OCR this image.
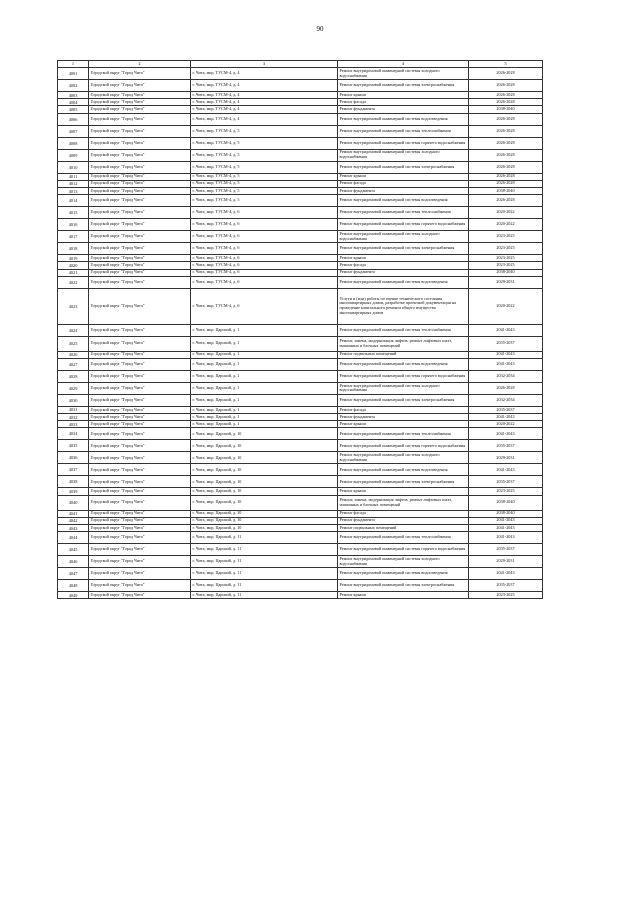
90
1	2	3	4	5
4001	Городской округ "Город Чита"	г. Чита, мкр. ТУСМ-4, д. 4	Ремонт внутридомовой инженерной системы холодного водоснабжения	2026-2028
4002	Городской округ "Город Чита"	г. Чита, мкр. ТУСМ-4, д. 4	Ремонт внутридомовой инженерной системы электроснабжения	2026-2028
4003	Городской округ "Город Чита"	г. Чита, мкр. ТУСМ-4, д. 4	Ремонт крыши	2026-2028
4004	Городской округ "Город Чита"	г. Чита, мкр. ТУСМ-4, д. 4	Ремонт фасада	2026-2028
4005	Городской округ "Город Чита"	г. Чита, мкр. ТУСМ-4, д. 4	Ремонт фундамента	2038-2040
4006	Городской округ "Город Чита"	г. Чита, мкр. ТУСМ-4, д. 4	Ремонт внутридомовой инженерной системы водоотведения	2026-2028
4007	Городской округ "Город Чита"	г. Чита, мкр. ТУСМ-4, д. 5	Ремонт внутридомовой инженерной системы теплоснабжения	2026-2028
4008	Городской округ "Город Чита"	г. Чита, мкр. ТУСМ-4, д. 5	Ремонт внутридомовой инженерной системы горячего водоснабжения	2026-2028
4009	Городской округ "Город Чита"	г. Чита, мкр. ТУСМ-4, д. 5	Ремонт внутридомовой инженерной системы холодного водоснабжения	2026-2028
4010	Городской округ "Город Чита"	г. Чита, мкр. ТУСМ-4, д. 5	Ремонт внутридомовой инженерной системы электроснабжения	2026-2028
4011	Городской округ "Город Чита"	г. Чита, мкр. ТУСМ-4, д. 5	Ремонт крыши	2026-2028
4012	Городской округ "Город Чита"	г. Чита, мкр. ТУСМ-4, д. 5	Ремонт фасада	2026-2028
4013	Городской округ "Город Чита"	г. Чита, мкр. ТУСМ-4, д. 5	Ремонт фундамента	2038-2040
4014	Городской округ "Город Чита"	г. Чита, мкр. ТУСМ-4, д. 5	Ремонт внутридомовой инженерной системы водоотведения	2026-2028
4015	Городской округ "Город Чита"	г. Чита, мкр. ТУСМ-4, д. 6	Ремонт внутридомовой инженерной системы теплоснабжения	2020-2022
4016	Городской округ "Город Чита"	г. Чита, мкр. ТУСМ-4, д. 6	Ремонт внутридомовой инженерной системы горячего водоснабжения	2020-2022
4017	Городской округ "Город Чита"	г. Чита, мкр. ТУСМ-4, д. 6	Ремонт внутридомовой инженерной системы холодного водоснабжения	2023-2025
4018	Городской округ "Город Чита"	г. Чита, мкр. ТУСМ-4, д. 6	Ремонт внутридомовой инженерной системы электроснабжения	2023-2025
4019	Городской округ "Город Чита"	г. Чита, мкр. ТУСМ-4, д. 6	Ремонт крыши	2023-2025
4020	Городской округ "Город Чита"	г. Чита, мкр. ТУСМ-4, д. 6	Ремонт фасада	2023-2025
4021	Городской округ "Город Чита"	г. Чита, мкр. ТУСМ-4, д. 6	Ремонт фундамента	2038-2040
4022	Городской округ "Город Чита"	г. Чита, мкр. ТУСМ-4, д. 6	Ремонт внутридомовой инженерной системы водоотведения	2029-2031
4023	Городской округ "Город Чита"	г. Чита, мкр. ТУСМ-4, д. 6	Услуги и (или) работы по оценке технического состояния многоквартирных домов, разработке проектной документации на проведение капитального ремонта общего имущества многоквартирных домов	2020-2022
4024	Городской округ "Город Чита"	г. Чита, мкр. Царский, д. 1	Ремонт внутридомовой инженерной системы теплоснабжения	2041-2043
4025	Городской округ "Город Чита"	г. Чита, мкр. Царский, д. 1	Ремонт, замена, модернизация лифтов, ремонт лифтовых шахт, машинных и блочных помещений	2035-2037
4026	Городской округ "Город Чита"	г. Чита, мкр. Царский, д. 1	Ремонт подвальных помещений	2041-2043
4027	Городской округ "Город Чита"	г. Чита, мкр. Царский, д. 1	Ремонт внутридомовой инженерной системы водоотведения	2041-2043
4028	Городской округ "Город Чита"	г. Чита, мкр. Царский, д. 1	Ремонт внутридомовой инженерной системы горячего водоснабжения	2032-2034
4029	Городской округ "Город Чита"	г. Чита, мкр. Царский, д. 1	Ремонт внутридомовой инженерной системы холодного водоснабжения	2026-2028
4030	Городской округ "Город Чита"	г. Чита, мкр. Царский, д. 1	Ремонт внутридомовой инженерной системы электроснабжения	2032-2034
4031	Городской округ "Город Чита"	г. Чита, мкр. Царский, д. 1	Ремонт фасада	2035-2037
4032	Городской округ "Город Чита"	г. Чита, мкр. Царский, д. 1	Ремонт фундамента	2041-2043
4033	Городской округ "Город Чита"	г. Чита, мкр. Царский, д. 1	Ремонт крыши	2020-2022
4034	Городской округ "Город Чита"	г. Чита, мкр. Царский, д. 10	Ремонт внутридомовой инженерной системы теплоснабжения	2041-2043
4035	Городской округ "Город Чита"	г. Чита, мкр. Царский, д. 10	Ремонт внутридомовой инженерной системы горячего водоснабжения	2035-2037
4036	Городской округ "Город Чита"	г. Чита, мкр. Царский, д. 10	Ремонт внутридомовой инженерной системы холодного водоснабжения	2029-2031
4037	Городской округ "Город Чита"	г. Чита, мкр. Царский, д. 10	Ремонт внутридомовой инженерной системы водоотведения	2041-2043
4038	Городской округ "Город Чита"	г. Чита, мкр. Царский, д. 10	Ремонт внутридомовой инженерной системы электроснабжения	2035-2037
4039	Городской округ "Город Чита"	г. Чита, мкр. Царский, д. 10	Ремонт крыши	2023-2025
4040	Городской округ "Город Чита"	г. Чита, мкр. Царский, д. 10	Ремонт, замена, модернизация лифтов, ремонт лифтовых шахт, машинных и блочных помещений	2038-2040
4041	Городской округ "Город Чита"	г. Чита, мкр. Царский, д. 10	Ремонт фасада	2038-2040
4042	Городской округ "Город Чита"	г. Чита, мкр. Царский, д. 10	Ремонт фундамента	2041-2043
4043	Городской округ "Город Чита"	г. Чита, мкр. Царский, д. 10	Ремонт подвальных помещений	2041-2043
4044	Городской округ "Город Чита"	г. Чита, мкр. Царский, д. 11	Ремонт внутридомовой инженерной системы теплоснабжения	2041-2043
4045	Городской округ "Город Чита"	г. Чита, мкр. Царский, д. 11	Ремонт внутридомовой инженерной системы горячего водоснабжения	2035-2037
4046	Городской округ "Город Чита"	г. Чита, мкр. Царский, д. 11	Ремонт внутридомовой инженерной системы холодного водоснабжения	2029-2031
4047	Городской округ "Город Чита"	г. Чита, мкр. Царский, д. 11	Ремонт внутридомовой инженерной системы водоотведения	2041-2043
4048	Городской округ "Город Чита"	г. Чита, мкр. Царский, д. 11	Ремонт внутридомовой инженерной системы электроснабжения	2035-2037
4049	Городской округ "Город Чита"	г. Чита, мкр. Царский, д. 11	Ремонт крыши	2023-2025
